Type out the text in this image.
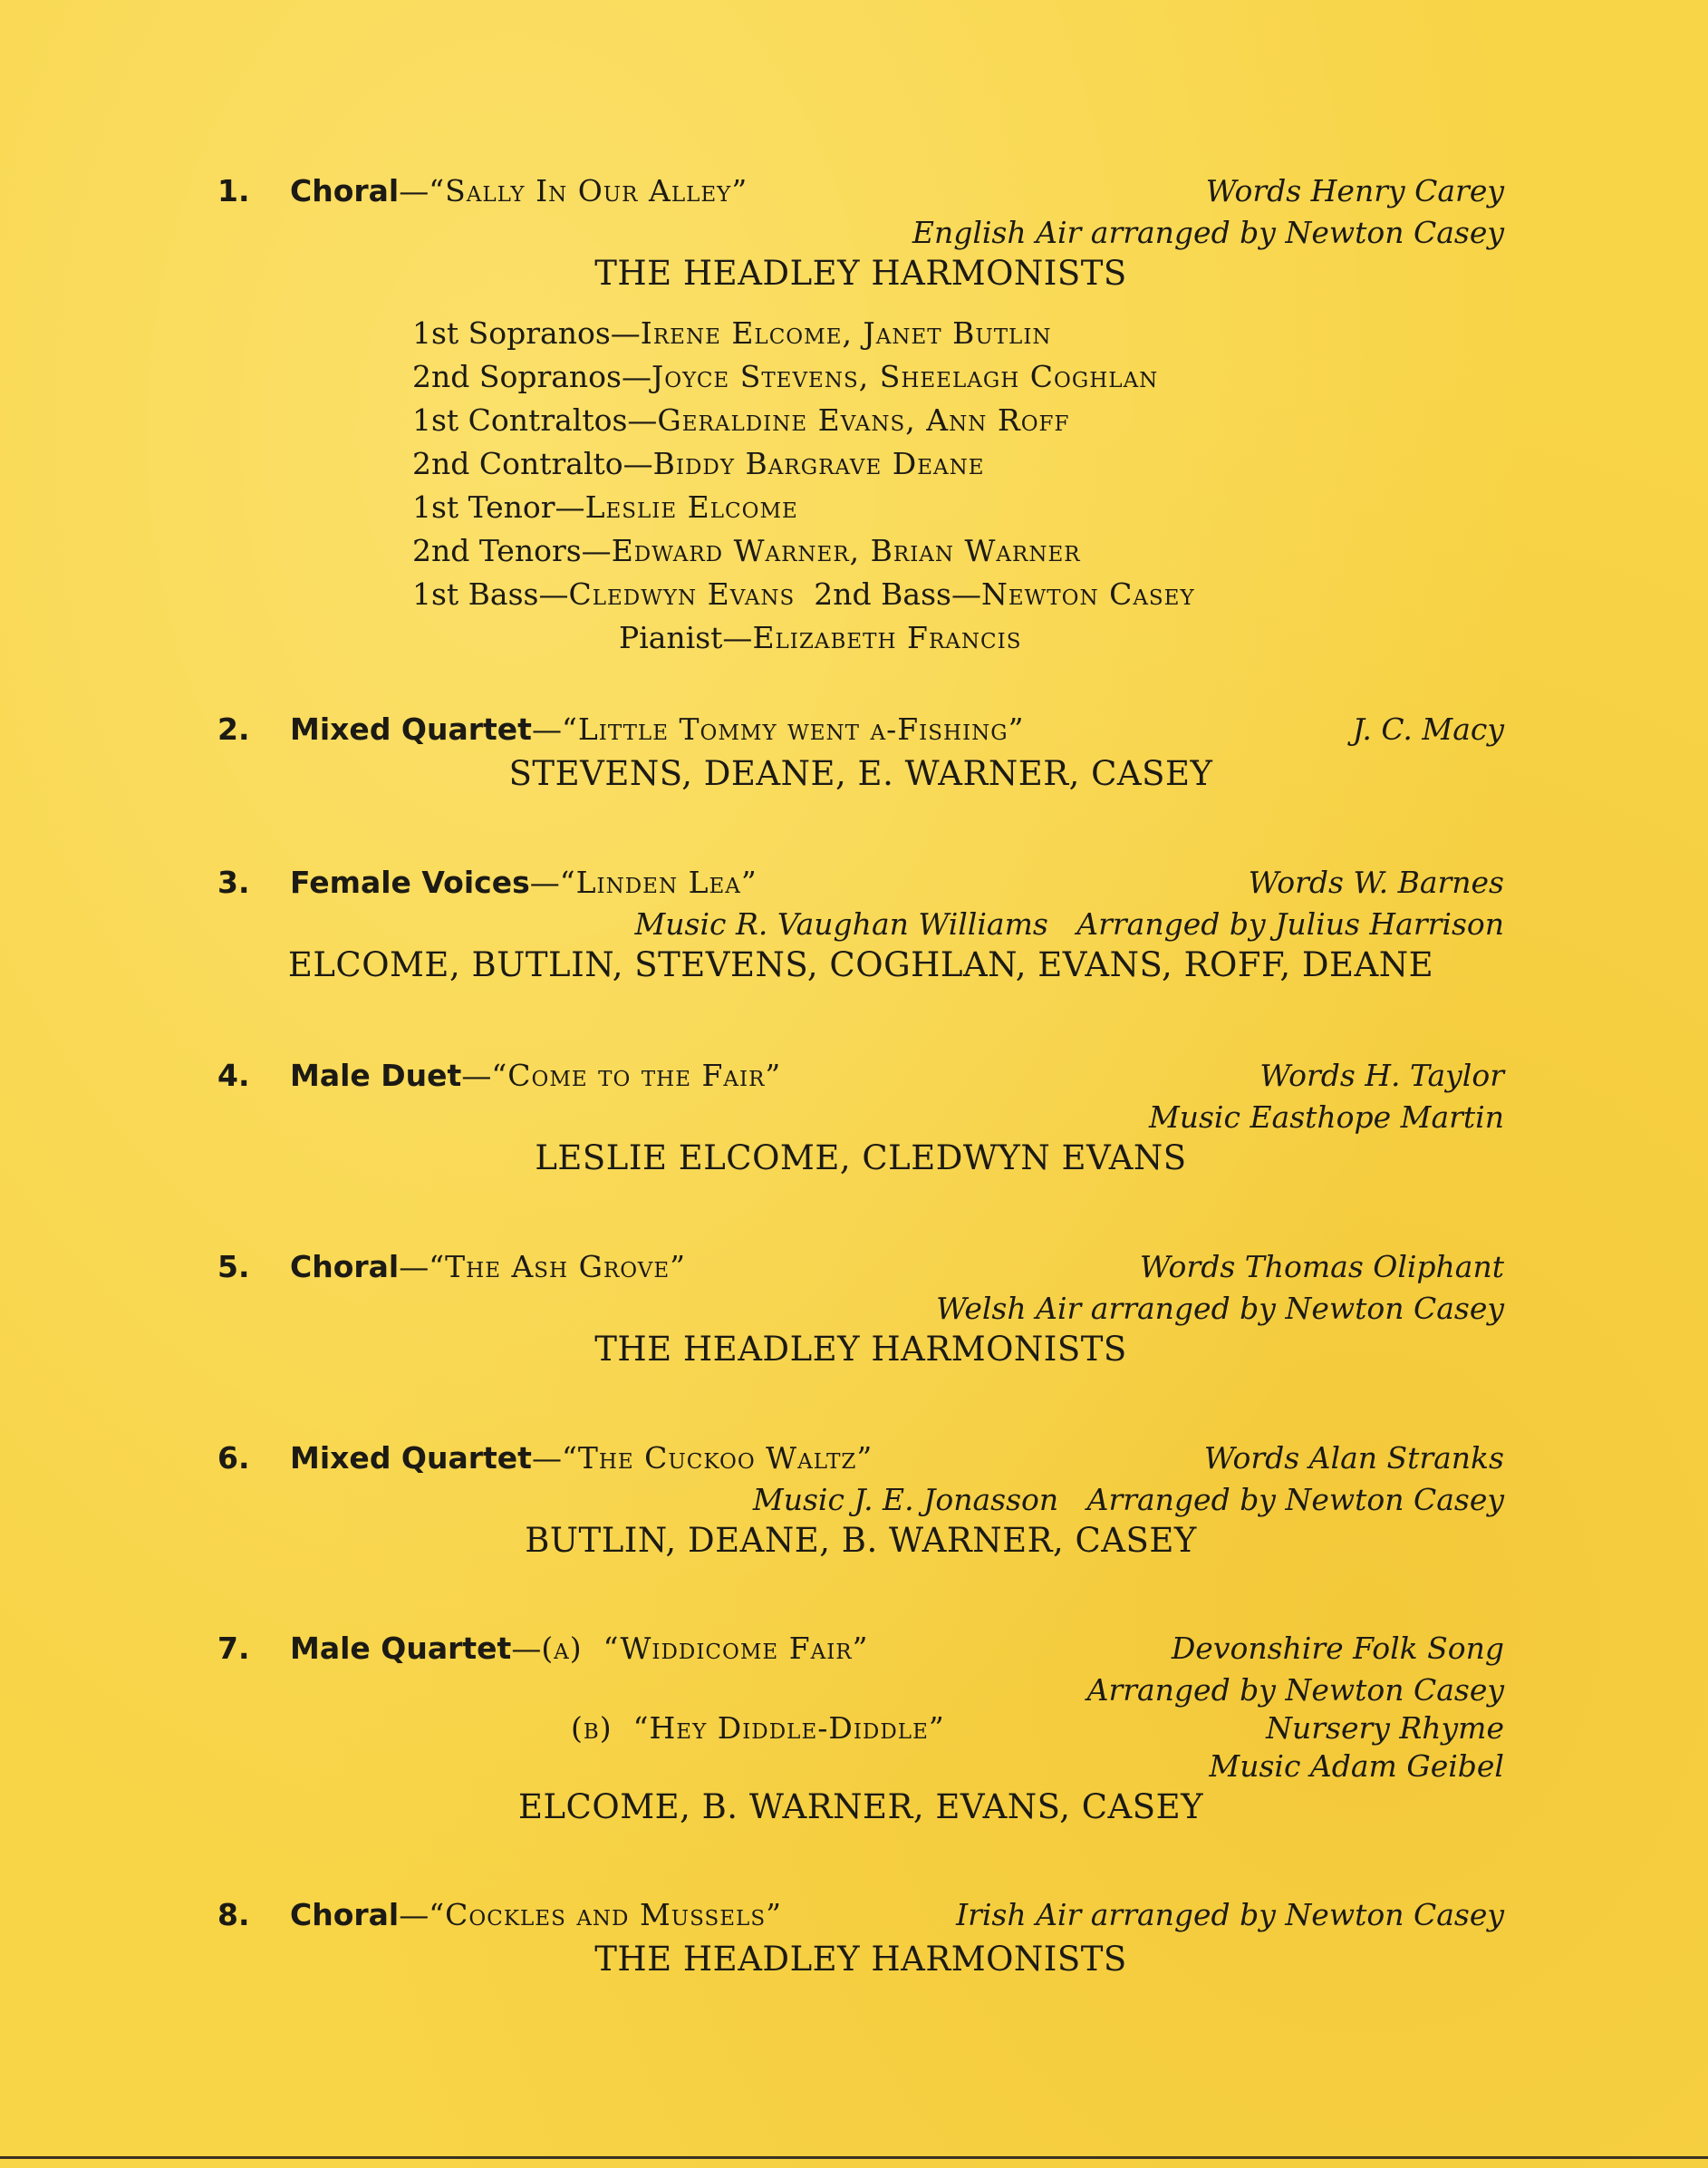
1. Choral—“Sally In Our Alley”	Words Henry Carey
English Air arranged by Newton Casey
THE HEADLEY HARMONISTS
1st Sopranos—Irene Elcome, Janet Butlin
2nd Sopranos—Joyce Stevens, Sheelagh Coghlan
1st Contraltos—Geraldine Evans, Ann Roff
2nd Contralto—Biddy Bargrave Deane
1st Tenor—Leslie Elcome
2nd Tenors—Edward Warner, Brian Warner
1st Bass—Cledwyn Evans  2nd Bass—Newton Casey
Pianist—Elizabeth Francis
2. Mixed Quartet—“Little Tommy went a-Fishing”	J. C. Macy
STEVENS, DEANE, E. WARNER, CASEY
3. Female Voices—“Linden Lea”	Words W. Barnes
Music R. Vaughan Williams   Arranged by Julius Harrison
ELCOME, BUTLIN, STEVENS, COGHLAN, EVANS, ROFF, DEANE
4. Male Duet—“Come to the Fair”	Words H. Taylor
Music Easthope Martin
LESLIE ELCOME, CLEDWYN EVANS
5. Choral—“The Ash Grove”	Words Thomas Oliphant
Welsh Air arranged by Newton Casey
THE HEADLEY HARMONISTS
6. Mixed Quartet—“The Cuckoo Waltz”	Words Alan Stranks
Music J. E. Jonasson   Arranged by Newton Casey
BUTLIN, DEANE, B. WARNER, CASEY
7. Male Quartet—(a)  “Widdicome Fair”	Devonshire Folk Song
Arranged by Newton Casey
(b)  “Hey Diddle-Diddle”	Nursery Rhyme
Music Adam Geibel
ELCOME, B. WARNER, EVANS, CASEY
8. Choral—“Cockles and Mussels”	Irish Air arranged by Newton Casey
THE HEADLEY HARMONISTS
